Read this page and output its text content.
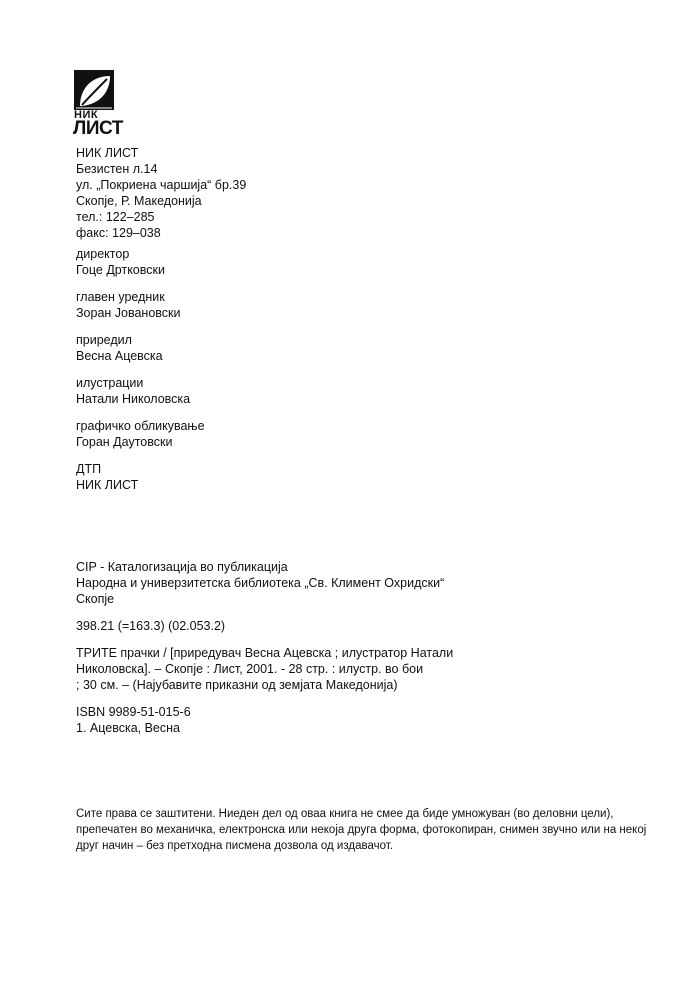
НИК
ЛИСТ
НИК ЛИСТ
Безистен л.14
ул. „Покриена чаршија“ бр.39
Скопје, Р. Македонија
тел.: 122–285
факс: 129–038
директор
Гоце Дртковски
главен уредник
Зоран Јовановски
приредил
Весна Ацевска
илустрации
Натали Николовска
графичко обликување
Горан Даутовски
ДТП
НИК ЛИСТ
CIP - Каталогизација во публикација
Народна и универзитетска библиотека „Св. Климент Охридски“
Скопје
398.21 (=163.3) (02.053.2)
ТРИТЕ прачки / [приредувач Весна Ацевска ; илустратор Натали
Николовска]. – Скопје : Лист, 2001. - 28 стр. : илустр. во бои
; 30 см. – (Најубавите приказни од земјата Македонија)
ISBN 9989-51-015-6
1. Ацевска, Весна
Сите права се заштитени. Ниеден дел од оваа книга не смее да биде умножуван (во деловни цели),
препечатен во механичка, електронска или некоја друга форма, фотокопиран, снимен звучно или на некој
друг начин – без претходна писмена дозвола од издавачот.
